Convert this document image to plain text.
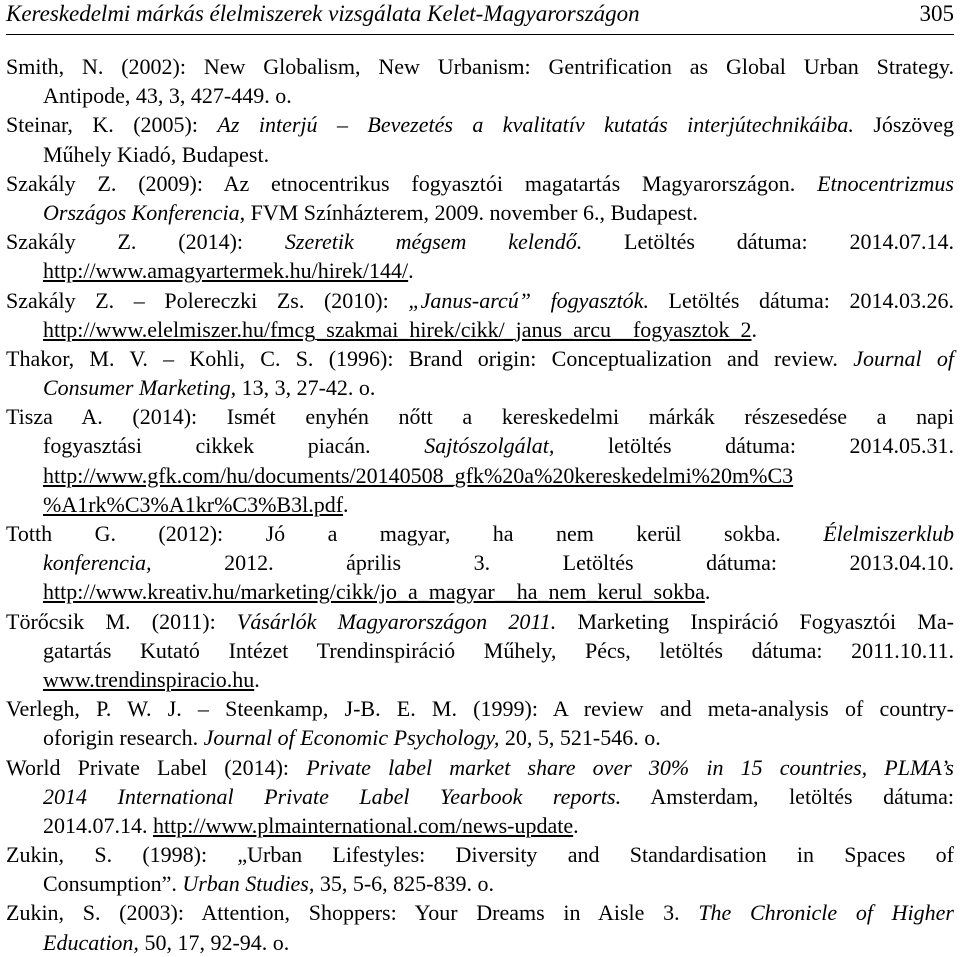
Kereskedelmi márkás élelmiszerek vizsgálata Kelet-Magyarországon	305
Smith, N. (2002): New Globalism, New Urbanism: Gentrification as Global Urban Strategy.
Antipode, 43, 3, 427-449. o.
Steinar, K. (2005): Az interjú – Bevezetés a kvalitatív kutatás interjútechnikáiba. Jószöveg
Műhely Kiadó, Budapest.
Szakály Z. (2009): Az etnocentrikus fogyasztói magatartás Magyarországon. Etnocentrizmus
Országos Konferencia, FVM Színházterem, 2009. november 6., Budapest.
Szakály Z. (2014): Szeretik mégsem kelendő. Letöltés dátuma: 2014.07.14.
http://www.amagyartermek.hu/hirek/144/.
Szakály Z. – Polereczki Zs. (2010): „Janus-arcú” fogyasztók. Letöltés dátuma: 2014.03.26.
http://www.elelmiszer.hu/fmcg_szakmai_hirek/cikk/_janus_arcu__fogyasztok_2.
Thakor, M. V. – Kohli, C. S. (1996): Brand origin: Conceptualization and review. Journal of
Consumer Marketing, 13, 3, 27-42. o.
Tisza A. (2014): Ismét enyhén nőtt a kereskedelmi márkák részesedése a napi
fogyasztási cikkek piacán. Sajtószolgálat, letöltés dátuma: 2014.05.31.
http://www.gfk.com/hu/documents/20140508_gfk%20a%20kereskedelmi%20m%C3
%A1rk%C3%A1kr%C3%B3l.pdf.
Totth G. (2012): Jó a magyar, ha nem kerül sokba. Élelmiszerklub
konferencia, 2012. április 3. Letöltés dátuma: 2013.04.10.
http://www.kreativ.hu/marketing/cikk/jo_a_magyar__ha_nem_kerul_sokba.
Törőcsik M. (2011): Vásárlók Magyarországon 2011. Marketing Inspiráció Fogyasztói Ma-
gatartás Kutató Intézet Trendinspiráció Műhely, Pécs, letöltés dátuma: 2011.10.11.
www.trendinspiracio.hu.
Verlegh, P. W. J. – Steenkamp, J-B. E. M. (1999): A review and meta-analysis of country-
oforigin research. Journal of Economic Psychology, 20, 5, 521-546. o.
World Private Label (2014): Private label market share over 30% in 15 countries, PLMA’s
2014 International Private Label Yearbook reports. Amsterdam, letöltés dátuma:
2014.07.14. http://www.plmainternational.com/news-update.
Zukin, S. (1998): „Urban Lifestyles: Diversity and Standardisation in Spaces of
Consumption”. Urban Studies, 35, 5-6, 825-839. o.
Zukin, S. (2003): Attention, Shoppers: Your Dreams in Aisle 3. The Chronicle of Higher
Education, 50, 17, 92-94. o.
